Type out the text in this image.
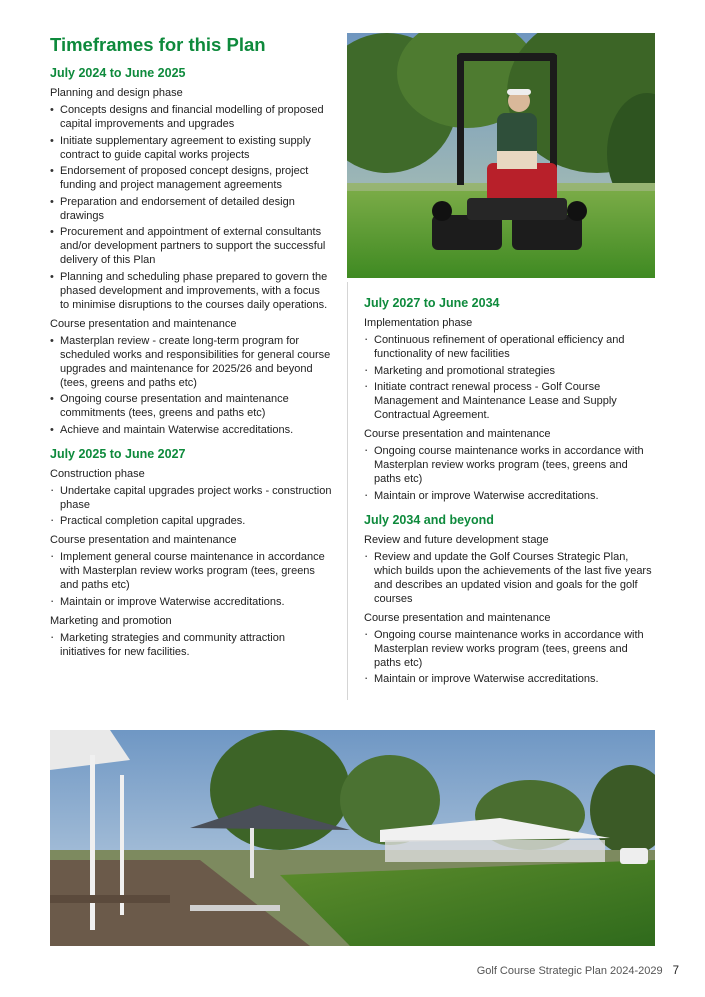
Timeframes for this Plan
July 2024 to June 2025
Planning and design phase
• Concepts designs and financial modelling of proposed capital improvements and upgrades
• Initiate supplementary agreement to existing supply contract to guide capital works projects
• Endorsement of proposed concept designs, project funding and project management agreements
• Preparation and endorsement of detailed design drawings
• Procurement and appointment of external consultants and/or development partners to support the successful delivery of this Plan
• Planning and scheduling phase prepared to govern the phased development and improvements, with a focus to minimise disruptions to the courses daily operations.
Course presentation and maintenance
• Masterplan review - create long-term program for scheduled works and responsibilities for general course upgrades and maintenance for 2025/26 and beyond (tees, greens and paths etc)
• Ongoing course presentation and maintenance commitments (tees, greens and paths etc)
• Achieve and maintain Waterwise accreditations.
July 2025 to June 2027
Construction phase
· Undertake capital upgrades project works - construction phase
· Practical completion capital upgrades.
Course presentation and maintenance
· Implement general course maintenance in accordance with Masterplan review works program (tees, greens and paths etc)
· Maintain or improve Waterwise accreditations.
Marketing and promotion
· Marketing strategies and community attraction initiatives for new facilities.
July 2027 to June 2034
Implementation phase
· Continuous refinement of operational efficiency and functionality of new facilities
· Marketing and promotional strategies
· Initiate contract renewal process - Golf Course Management and Maintenance Lease and Supply Contractual Agreement.
Course presentation and maintenance
· Ongoing course maintenance works in accordance with Masterplan review works program (tees, greens and paths etc)
· Maintain or improve Waterwise accreditations.
July 2034 and beyond
Review and future development stage
· Review and update the Golf Courses Strategic Plan, which builds upon the achievements of the last five years and describes an updated vision and goals for the golf courses
Course presentation and maintenance
· Ongoing course maintenance works in accordance with Masterplan review works program (tees, greens and paths etc)
· Maintain or improve Waterwise accreditations.
Golf Course Strategic Plan 2024-2029 7
